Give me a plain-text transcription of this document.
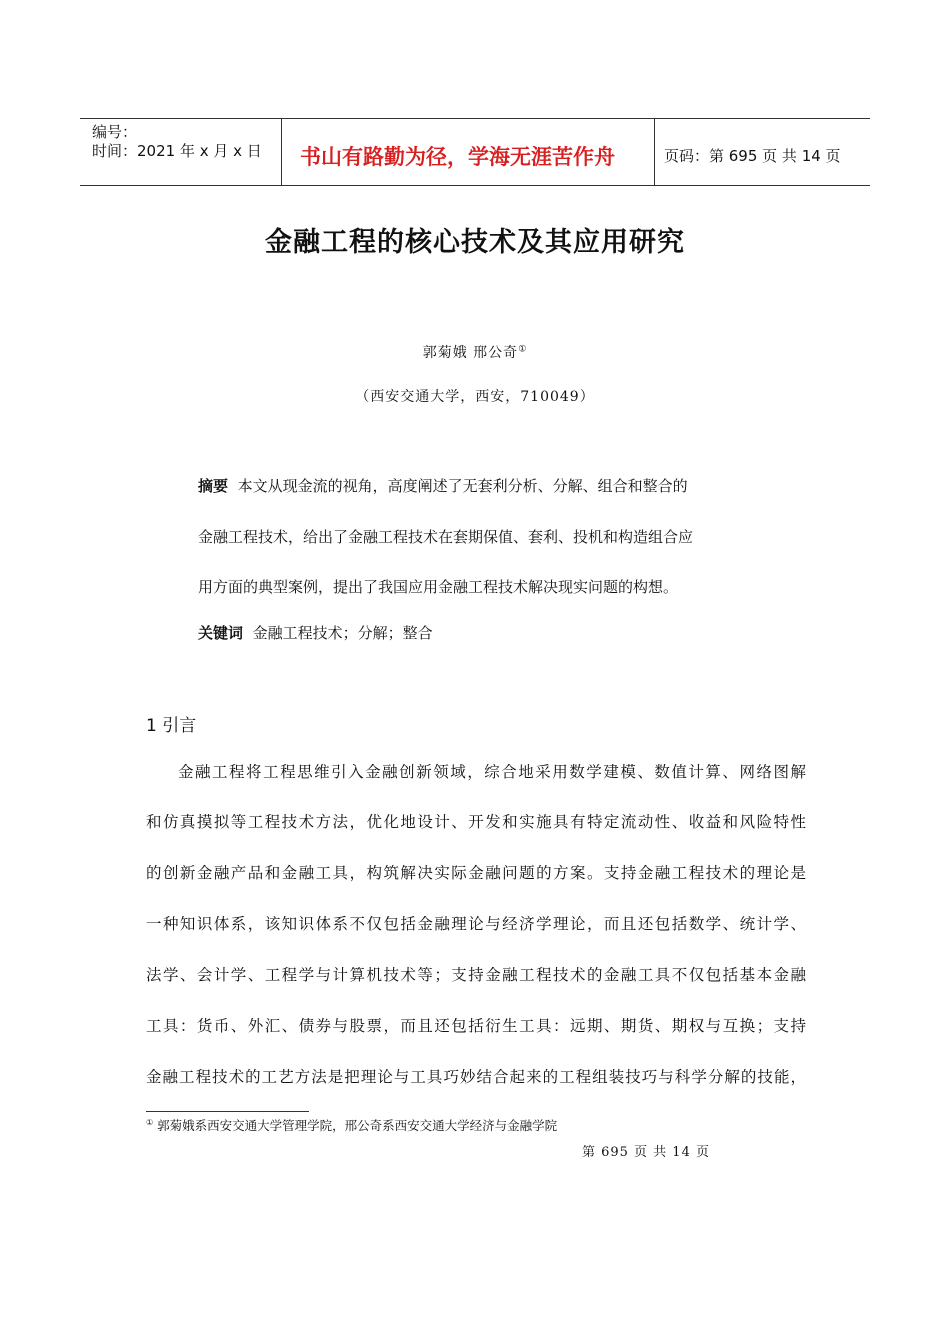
编号：
时间：2021 年 x 月 x 日 书山有路勤为径，学海无涯苦作舟	页码：第 695 页 共 14 页
金融工程的核心技术及其应用研究
郭菊娥 邢公奇①
（西安交通大学，西安，710049）
摘要 本文从现金流的视角，高度阐述了无套利分析、分解、组合和整合的
金融工程技术，给出了金融工程技术在套期保值、套利、投机和构造组合应
用方面的典型案例，提出了我国应用金融工程技术解决现实问题的构想。
关键词 金融工程技术；分解；整合
1 引言
金融工程将工程思维引入金融创新领域，综合地采用数学建模、数值计算、网络图解
和仿真摸拟等工程技术方法，优化地设计、开发和实施具有特定流动性、收益和风险特性
的创新金融产品和金融工具，构筑解决实际金融问题的方案。支持金融工程技术的理论是
一种知识体系，该知识体系不仅包括金融理论与经济学理论，而且还包括数学、统计学、
法学、会计学、工程学与计算机技术等；支持金融工程技术的金融工具不仅包括基本金融
工具：货币、外汇、债券与股票，而且还包括衍生工具：远期、期货、期权与互换；支持
金融工程技术的工艺方法是把理论与工具巧妙结合起来的工程组装技巧与科学分解的技能，
① 郭菊娥系西安交通大学管理学院，邢公奇系西安交通大学经济与金融学院
第 695 页 共 14 页
